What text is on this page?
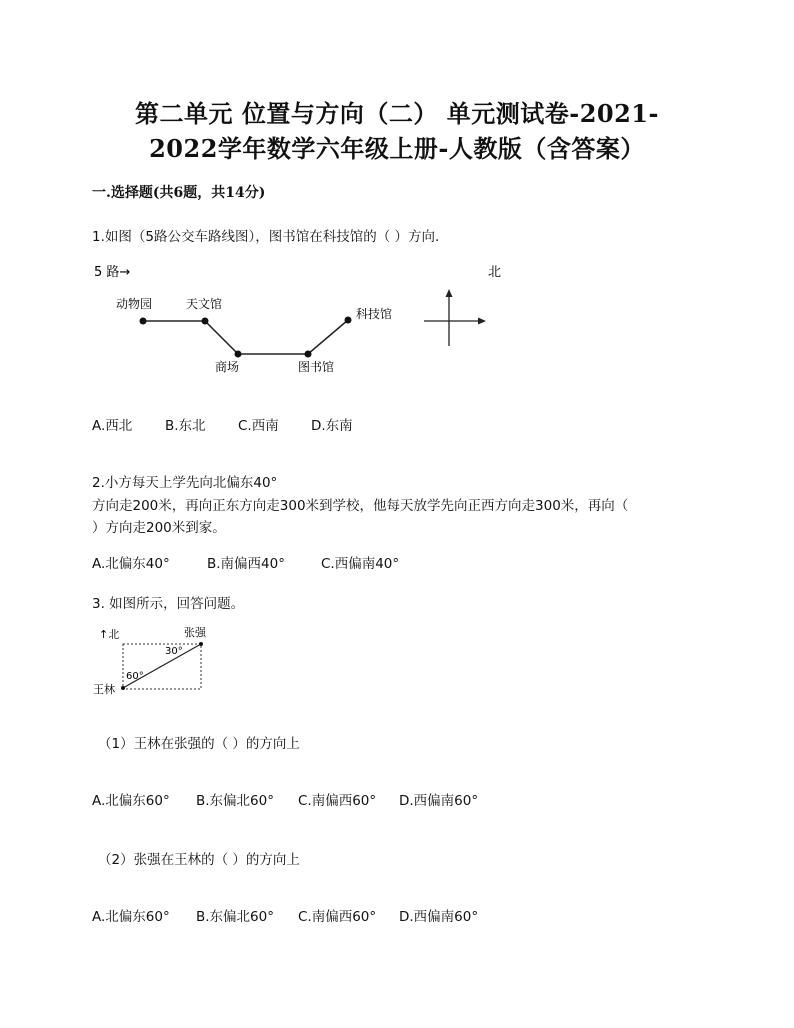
第二单元 位置与方向（二） 单元测试卷-2021-
2022学年数学六年级上册-人教版（含答案）
一.选择题(共6题，共14分)
1.如图（5路公交车路线图），图书馆在科技馆的（ ）方向.
5 路→	北
动物园	天文馆
商场	图书馆
科技馆
A.西北 B.东北 C.西南 D.东南
2.小方每天上学先向北偏东40°
方向走200米，再向正东方向走300米到学校，他每天放学先向正西方向走300米，再向（
）方向走200米到家。
A.北偏东40°	B.南偏西40°	C.西偏南40°
3. 如图所示，回答问题。
↑北	张强
30°
60°
王林
（1）王林在张强的（ ）的方向上
A.北偏东60° B.东偏北60° C.南偏西60° D.西偏南60°
（2）张强在王林的（ ）的方向上
A.北偏东60° B.东偏北60° C.南偏西60° D.西偏南60°
